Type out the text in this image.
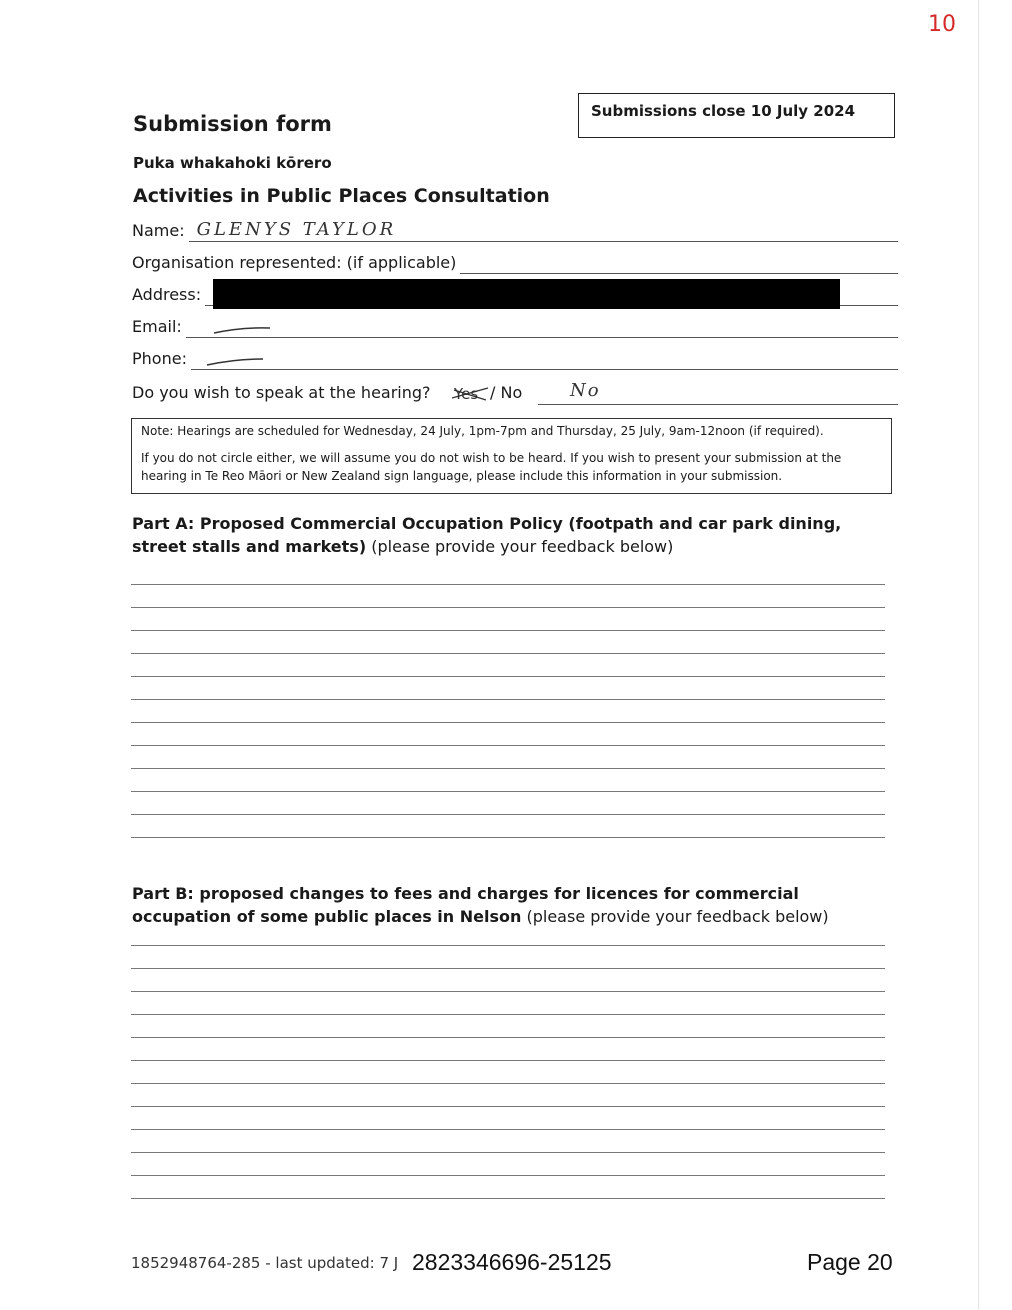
10
Submissions close 10 July 2024
Submission form
Puka whakahoki kōrero
Activities in Public Places Consultation
Name: GLENYS TAYLOR
Organisation represented: (if applicable)
Address:
Email:
Phone:
Do you wish to speak at the hearing? Yes / No	No

Note: Hearings are scheduled for Wednesday, 24 July, 1pm-7pm and Thursday, 25 July, 9am-12noon (if required).

If you do not circle either, we will assume you do not wish to be heard. If you wish to present your submission at the hearing in Te Reo Māori or New Zealand sign language, please include this information in your submission.

Part A: Proposed Commercial Occupation Policy (footpath and car park dining, street stalls and markets) (please provide your feedback below)
Part B: proposed changes to fees and charges for licences for commercial occupation of some public places in Nelson (please provide your feedback below)
1852948764-285 - last updated: 7 J 2823346696-25125	Page 20
